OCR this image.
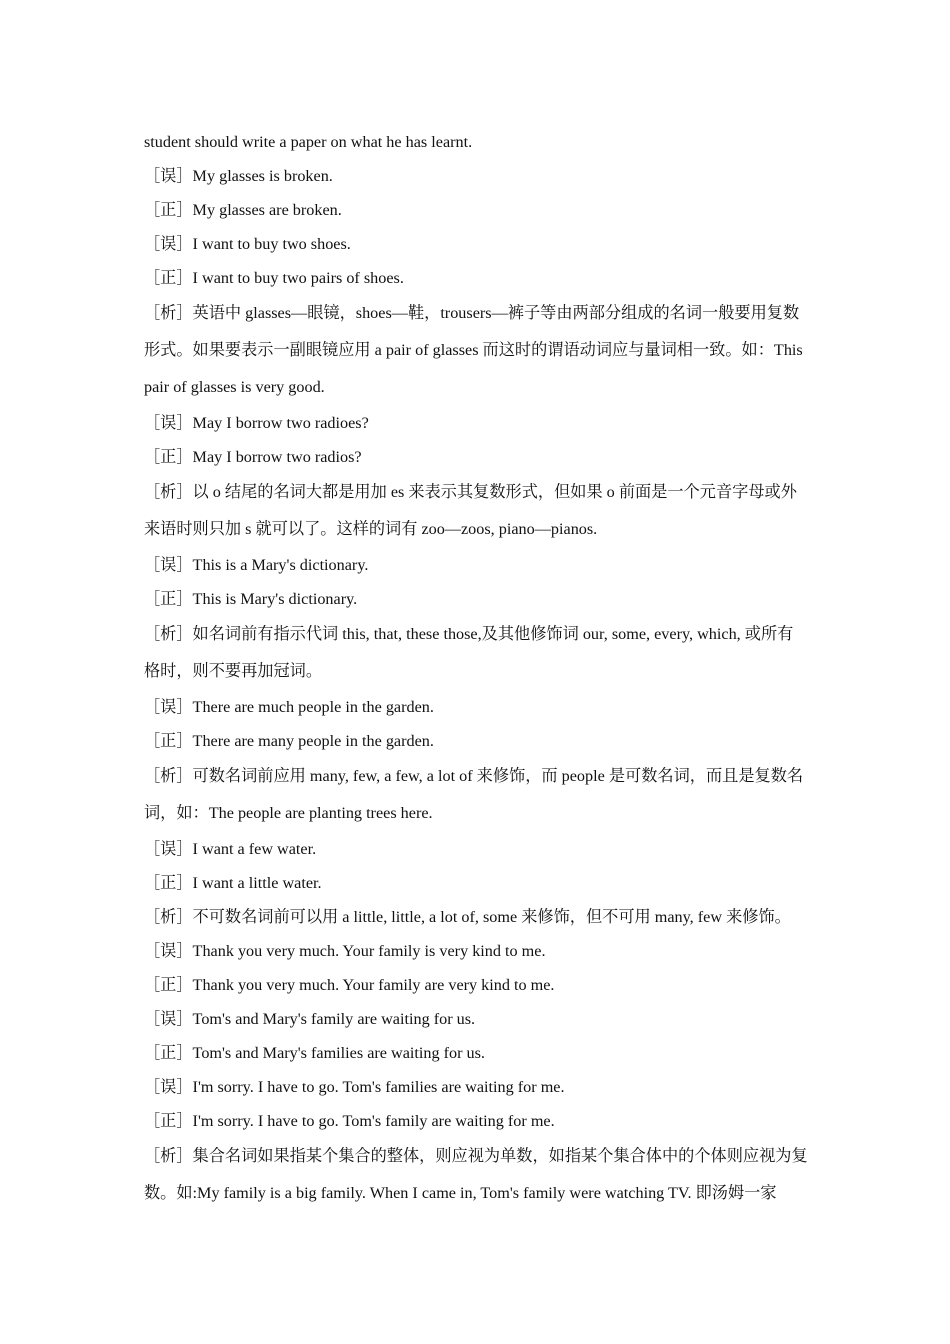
student should write a paper on what he has learnt.
［误］My glasses is broken.
［正］My glasses are broken.
［误］I want to buy two shoes.
［正］I want to buy two pairs of shoes.
［析］英语中 glasses—眼镜，shoes—鞋，trousers—裤子等由两部分组成的名词一般要用复数
形式。如果要表示一副眼镜应用 a pair of glasses 而这时的谓语动词应与量词相一致。如：This
pair of glasses is very good.
［误］May I borrow two radioes?
［正］May I borrow two radios?
［析］以 o 结尾的名词大都是用加 es 来表示其复数形式，但如果 o 前面是一个元音字母或外
来语时则只加 s 就可以了。这样的词有 zoo—zoos, piano—pianos.
［误］This is a Mary's dictionary.
［正］This is Mary's dictionary.
［析］如名词前有指示代词 this, that, these those,及其他修饰词 our, some, every, which, 或所有
格时，则不要再加冠词。
［误］There are much people in the garden.
［正］There are many people in the garden.
［析］可数名词前应用 many, few, a few, a lot of 来修饰，而 people 是可数名词，而且是复数名
词，如：The people are planting trees here.
［误］I want a few water.
［正］I want a little water.
［析］不可数名词前可以用 a little, little, a lot of, some 来修饰，但不可用 many, few 来修饰。
［误］Thank you very much. Your family is very kind to me.
［正］Thank you very much. Your family are very kind to me.
［误］Tom's and Mary's family are waiting for us.
［正］Tom's and Mary's families are waiting for us.
［误］I'm sorry. I have to go. Tom's families are waiting for me.
［正］I'm sorry. I have to go. Tom's family are waiting for me.
［析］集合名词如果指某个集合的整体，则应视为单数，如指某个集合体中的个体则应视为复
数。如:My family is a big family. When I came in, Tom's family were watching TV. 即汤姆一家
